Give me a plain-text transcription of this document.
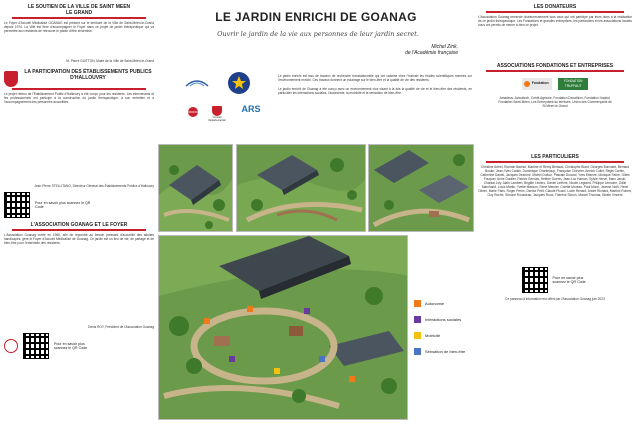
LE SOUTIEN DE LA VILLE DE SAINT MEEN LE GRAND
Le Foyer d'Accueil Médicalisé GOANAG est présent sur le territoire de la Ville de Saint-Méen-le-Grand depuis 1974. La Ville est fière d'accompagner le Foyer dans ce projet de jardin thérapeutique qui va permettre aux résidents de retrouver le plaisir d'être ensemble.
M. Pierre GUITTON, Maire de la Ville de Saint-Méen-le-Grand
LA PARTICIPATION DES ÉTABLISSEMENTS PUBLICS D'HALLOUVRY
Le projet retenu de l'Établissement Public d'Hallouvry a été conçu pour les résidents. Les intervenants et les professionnels ont participé à la construction du jardin thérapeutique, à son entretien et à l'accompagnement des personnes accueillies.
Jean-Pierre STELLITANO, Directeur Général des Établissements Publics d'Hallouvry
Pour en savoir plus scannez le QR Code
L'ASSOCIATION GOANAG ET LE FOYER
L'Association Goanag créée en 1966, afin de répondre au besoin pressant d'accueillir des adultes handicapés, gère le Foyer d'Accueil Médicalisé de Goanag. Ce jardin est un lieu de vie, de partage et de bien-être pour l'ensemble des résidents.
Denis ROY, Président de l'Association Goanag
Pour en savoir plus scannez le QR Code
LE JARDIN ENRICHI DE GOANAG
Ouvrir le jardin de la vie aux personnes de leur jardin secret.
Michel Zink,
de l'Académie française
Conseil Départemental
ARS
Le jardin enrichi est issu de travaux de recherche translationnelle qui ont valorisé chez l'humain les études scientifiques menées sur l'environnement enrichi. Ces travaux donnent un éclairage sur le bien-être et la qualité de vie des résidents.
Le jardin enrichi de Goanag a été conçu avec un environnement clos visant à la fois la qualité de vie et le bien-être des résidents, en particulier les interactions sociales, l'autonomie, la motricité et la sensation de bien-être.
Autonomie
Intéractions sociales
Motricité
Sensation de bien-être
LES DONATEURS
L'Association Goanag remercie chaleureusement tous ceux qui ont participé par leurs dons à la réalisation de ce jardin thérapeutique. Les Fondations et grandes entreprises, les particuliers et les associations locales nous ont permis de mener à bien ce projet.
ASSOCIATIONS FONDATIONS ET ENTREPRISES
Fondation
	FONDATION TRUFFAUT
Amadeus, Avicultech, Crédit Agricole, Fondation Decathlon, Fondation Hopital, Fondation Saint-Méen, Les Entreprises du territoire, Union des Commerçants de St Méen le Grand
LES PARTICULIERS
Christine Arthel, Romain Bachut, Martine et Remy Bertaud, Christophe Biard, Georges Bonvalet, Bernard Boutin, Jean-Yves Cantin, Dominique Chanteloup, Françoise Chevrier, Annick Collet, Régis Corbin, Catherine Daniel, Jacques Delorme, Michel Dufour, Pascale Durand, Yves Etienne, Monique Fabre, Gilles Fouquet, Anne Gautier, Patrick Gervais, Hélène Guérin, Jean-Luc Hamon, Sylvie Hervé, Marc Jacob, Chantal Joly, Alain Lambert, Brigitte Leclerc, Daniel Lefèvre, Nicole Legrand, Philippe Lemoine, Odile Marchand, Louis Martin, Yvette Masson, René Mercier, Colette Moreau, Paul Morin, Jeanne Noël, Henri Olivier, Marie Paris, Roger Perrin, Denise Petit, Claude Picard, Lucie Renard, André Richard, Martine Robert, Guy Roche, Simone Rousseau, Jacques Roux, Thérèse Simon, Marcel Thomas, Gisèle Vincent
Pour en savoir plus scannez le QR Code
Ce panneau d'information est offert par l'Association Goanag juin 2023
